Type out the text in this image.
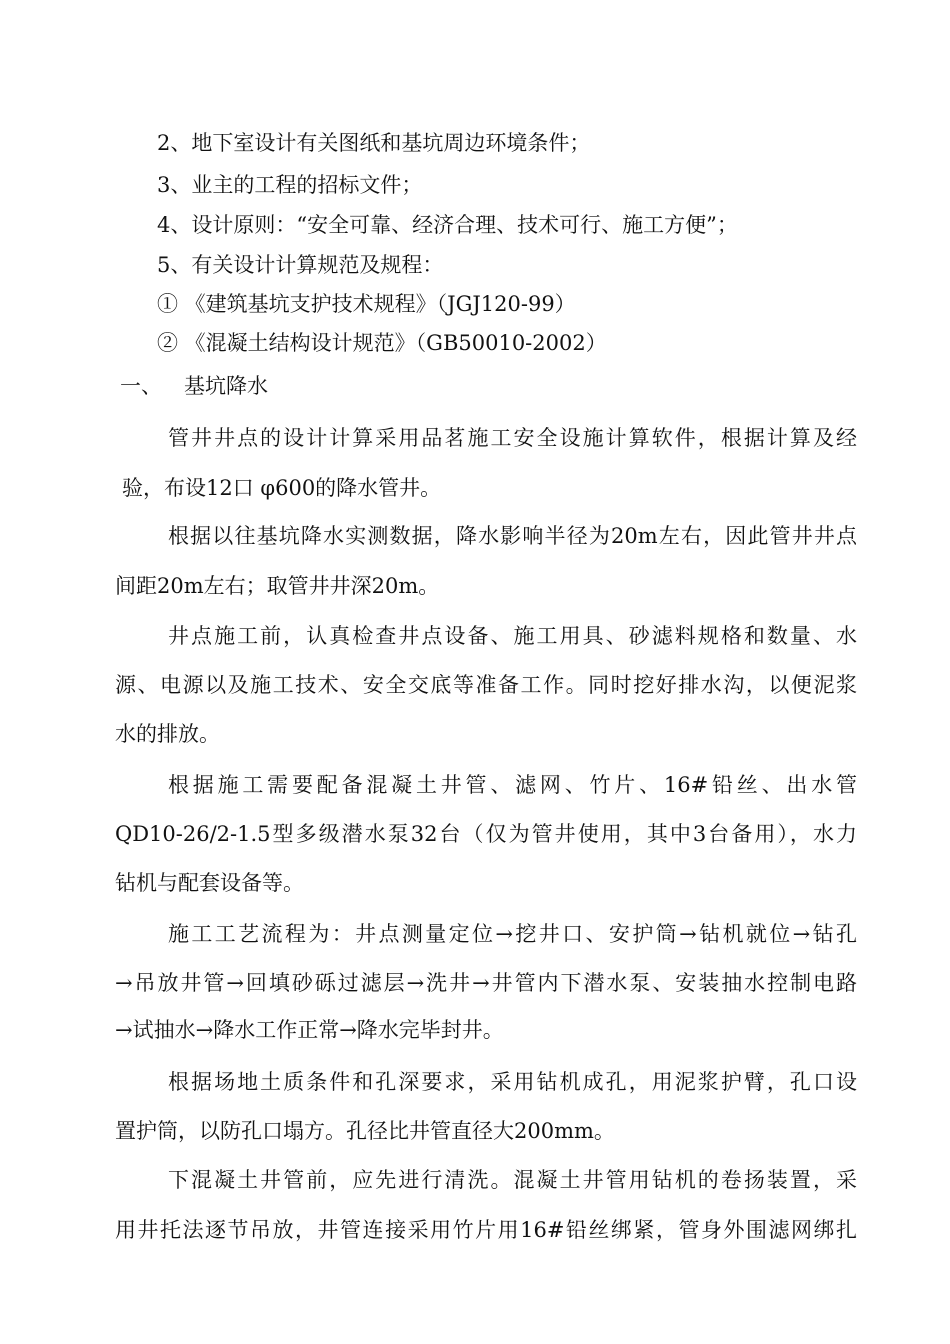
2、地下室设计有关图纸和基坑周边环境条件；
3、业主的工程的招标文件；
4、设计原则：“安全可靠、经济合理、技术可行、施工方便”；
5、有关设计计算规范及规程：
① 《建筑基坑支护技术规程》（JGJ120-99）
② 《混凝土结构设计规范》（GB50010-2002）
一、 基坑降水
管井井点的设计计算采用品茗施工安全设施计算软件，根据计算及经
验，布设12口 φ600的降水管井。
根据以往基坑降水实测数据，降水影响半径为20m左右，因此管井井点
间距20m左右；取管井井深20m。
井点施工前，认真检查井点设备、施工用具、砂滤料规格和数量、水
源、电源以及施工技术、安全交底等准备工作。同时挖好排水沟，以便泥浆
水的排放。
根据施工需要配备混凝土井管、滤网、竹片、16#铅丝、出水管
QD10-26/2-1.5型多级潜水泵32台（仅为管井使用，其中3台备用），水力
钻机与配套设备等。
施工工艺流程为：井点测量定位→挖井口、安护筒→钻机就位→钻孔
→吊放井管→回填砂砾过滤层→洗井→井管内下潜水泵、安装抽水控制电路
→试抽水→降水工作正常→降水完毕封井。
根据场地土质条件和孔深要求，采用钻机成孔，用泥浆护臂，孔口设
置护筒，以防孔口塌方。孔径比井管直径大200mm。
下混凝土井管前，应先进行清洗。混凝土井管用钻机的卷扬装置，采
用井托法逐节吊放，井管连接采用竹片用16#铅丝绑紧，管身外围滤网绑扎
